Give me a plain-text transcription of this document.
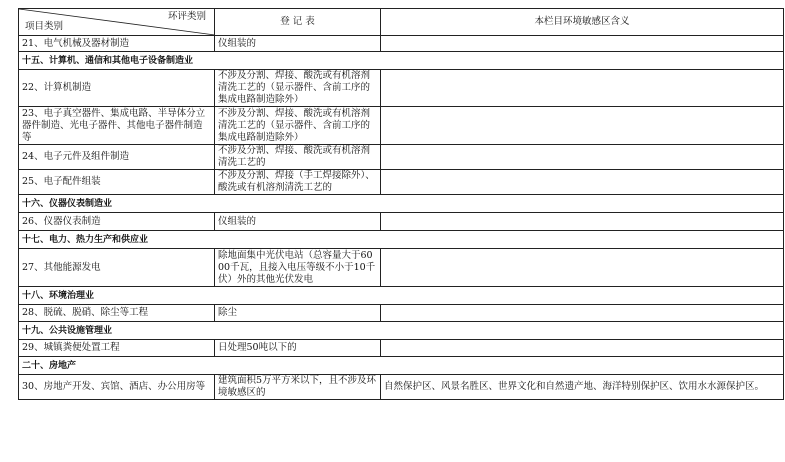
环评类别
项目类别	登 记 表	本栏目环境敏感区含义
21、电气机械及器材制造	仪组装的	
十五、计算机、通信和其他电子设备制造业		
22、计算机制造	不涉及分割、焊接、酸洗或有机溶剂清洗工艺的（显示器件、含前工序的集成电路制造除外）	
23、电子真空器件、集成电路、半导体分立器件制造、光电子器件、其他电子器件制造等	不涉及分割、焊接、酸洗或有机溶剂清洗工艺的（显示器件、含前工序的集成电路制造除外）	
24、电子元件及组件制造	不涉及分割、焊接、酸洗或有机溶剂清洗工艺的	
25、电子配件组装	不涉及分割、焊接（手工焊接除外）、酸洗或有机溶剂清洗工艺的	
十六、仪器仪表制造业		
26、仪器仪表制造	仪组装的	
十七、电力、热力生产和供应业		
27、其他能源发电	除地面集中光伏电站（总容量大于6000千瓦，且接入电压等级不小于10千伏）外的其他光伏发电	
十八、环境治理业		
28、脱硫、脱硝、除尘等工程	除尘	
十九、公共设施管理业		
29、城镇粪便处置工程	日处理50吨以下的	
二十、房地产		
30、房地产开发、宾馆、酒店、办公用房等	建筑面积5万平方米以下，且不涉及环境敏感区的	自然保护区、风景名胜区、世界文化和自然遗产地、海洋特别保护区、饮用水水源保护区。
